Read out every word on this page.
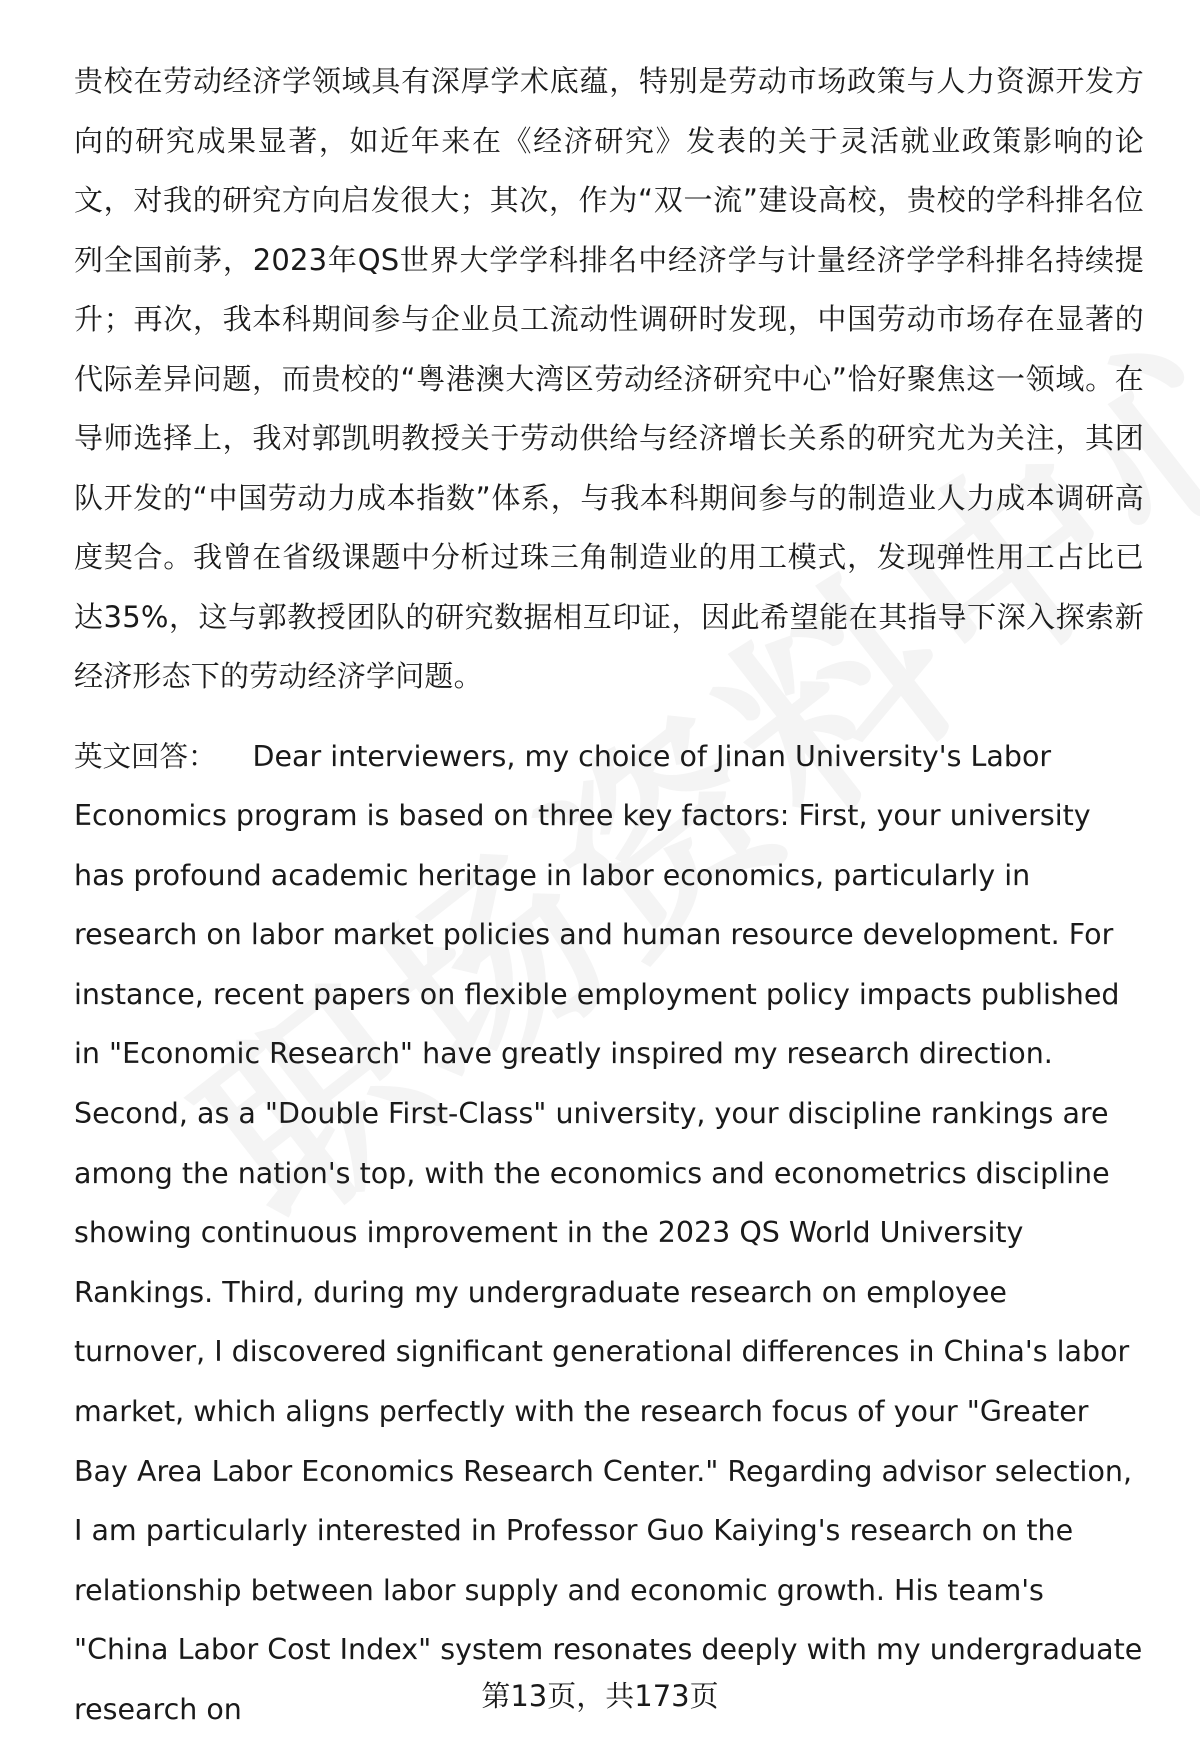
贵校在劳动经济学领域具有深厚学术底蕴，特别是劳动市场政策与人力资源开发方向的研究成果显著，如近年来在《经济研究》发表的关于灵活就业政策影响的论文，对我的研究方向启发很大；其次，作为“双一流”建设高校，贵校的学科排名位列全国前茅，2023年QS世界大学学科排名中经济学与计量经济学学科排名持续提升；再次，我本科期间参与企业员工流动性调研时发现，中国劳动市场存在显著的代际差异问题，而贵校的“粤港澳大湾区劳动经济研究中心”恰好聚焦这一领域。在导师选择上，我对郭凯明教授关于劳动供给与经济增长关系的研究尤为关注，其团队开发的“中国劳动力成本指数”体系，与我本科期间参与的制造业人力成本调研高度契合。我曾在省级课题中分析过珠三角制造业的用工模式，发现弹性用工占比已达35%，这与郭教授团队的研究数据相互印证，因此希望能在其指导下深入探索新经济形态下的劳动经济学问题。

英文回答： Dear interviewers, my choice of Jinan University's Labor Economics program is based on three key factors: First, your university has profound academic heritage in labor economics, particularly in research on labor market policies and human resource development. For instance, recent papers on flexible employment policy impacts published in "Economic Research" have greatly inspired my research direction. Second, as a "Double First-Class" university, your discipline rankings are among the nation's top, with the economics and econometrics discipline showing continuous improvement in the 2023 QS World University Rankings. Third, during my undergraduate research on employee turnover, I discovered significant generational differences in China's labor market, which aligns perfectly with the research focus of your "Greater Bay Area Labor Economics Research Center." Regarding advisor selection, I am particularly interested in Professor Guo Kaiying's research on the relationship between labor supply and economic growth. His team's "China Labor Cost Index" system resonates deeply with my undergraduate research on	第13页，共173页
